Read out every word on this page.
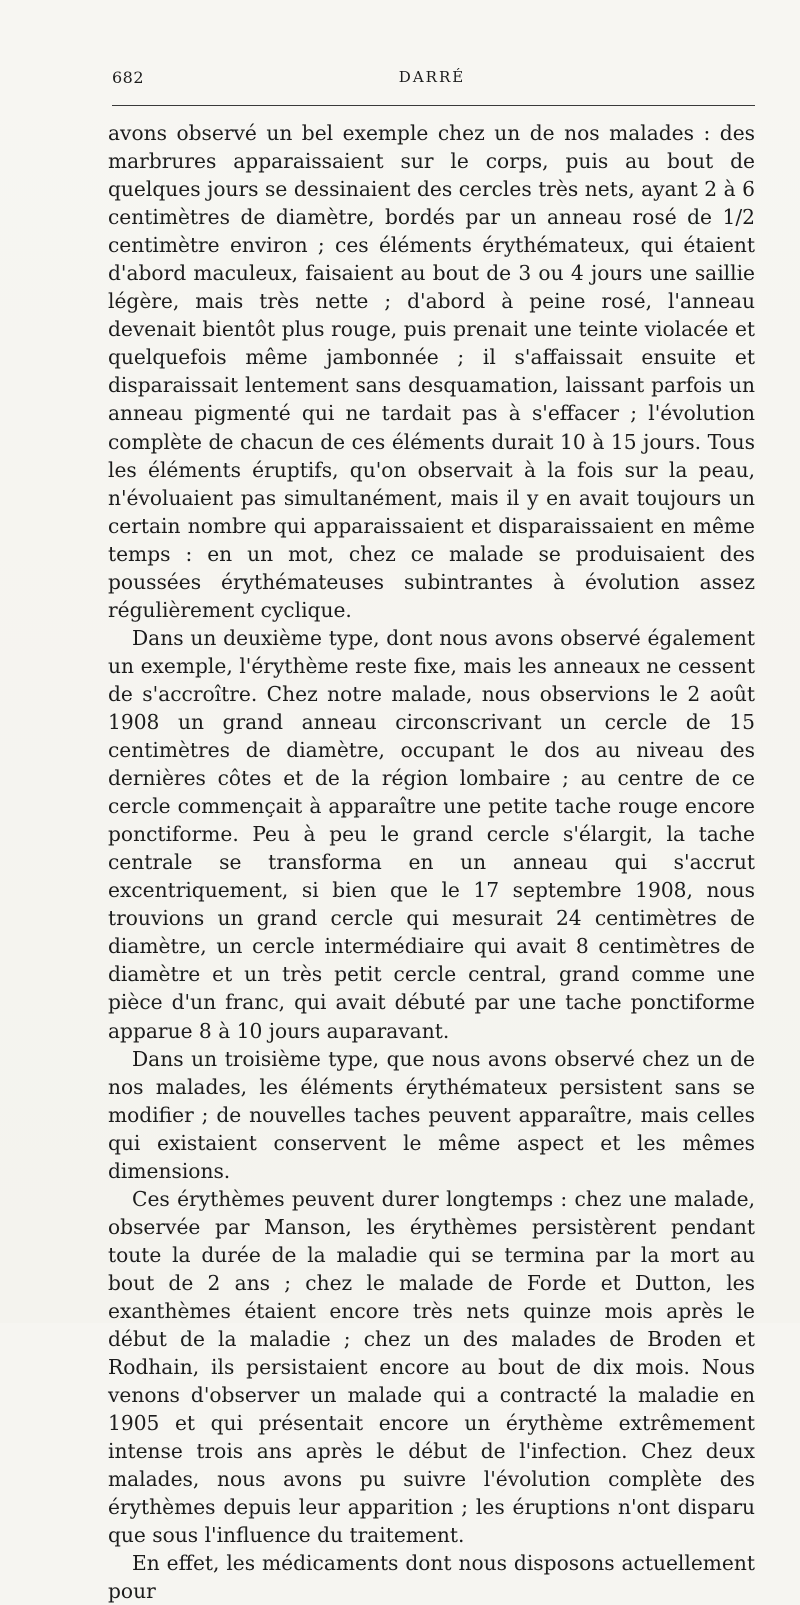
682	DARRÉ

avons observé un bel exemple chez un de nos malades : des marbrures apparaissaient sur le corps, puis au bout de quelques jours se dessinaient des cercles très nets, ayant 2 à 6 centimètres de diamètre, bordés par un anneau rosé de 1/2 centimètre environ ; ces éléments érythémateux, qui étaient d'abord maculeux, faisaient au bout de 3 ou 4 jours une saillie légère, mais très nette ; d'abord à peine rosé, l'anneau devenait bientôt plus rouge, puis prenait une teinte violacée et quelquefois même jambonnée ; il s'affaissait ensuite et disparaissait lentement sans desquamation, laissant parfois un anneau pigmenté qui ne tardait pas à s'effacer ; l'évolution complète de chacun de ces éléments durait 10 à 15 jours. Tous les éléments éruptifs, qu'on observait à la fois sur la peau, n'évoluaient pas simultanément, mais il y en avait toujours un certain nombre qui apparaissaient et disparaissaient en même temps : en un mot, chez ce malade se produisaient des poussées érythémateuses subintrantes à évolution assez régulièrement cyclique.

Dans un deuxième type, dont nous avons observé également un exemple, l'érythème reste fixe, mais les anneaux ne cessent de s'accroître. Chez notre malade, nous observions le 2 août 1908 un grand anneau circonscrivant un cercle de 15 centimètres de diamètre, occupant le dos au niveau des dernières côtes et de la région lombaire ; au centre de ce cercle commençait à apparaître une petite tache rouge encore ponctiforme. Peu à peu le grand cercle s'élargit, la tache centrale se transforma en un anneau qui s'accrut excentriquement, si bien que le 17 septembre 1908, nous trouvions un grand cercle qui mesurait 24 centimètres de diamètre, un cercle intermédiaire qui avait 8 centimètres de diamètre et un très petit cercle central, grand comme une pièce d'un franc, qui avait débuté par une tache ponctiforme apparue 8 à 10 jours auparavant.

Dans un troisième type, que nous avons observé chez un de nos malades, les éléments érythémateux persistent sans se modifier ; de nouvelles taches peuvent apparaître, mais celles qui existaient conservent le même aspect et les mêmes dimensions.

Ces érythèmes peuvent durer longtemps : chez une malade, observée par Manson, les érythèmes persistèrent pendant toute la durée de la maladie qui se termina par la mort au bout de 2 ans ; chez le malade de Forde et Dutton, les exanthèmes étaient encore très nets quinze mois après le début de la maladie ; chez un des malades de Broden et Rodhain, ils persistaient encore au bout de dix mois. Nous venons d'observer un malade qui a contracté la maladie en 1905 et qui présentait encore un érythème extrêmement intense trois ans après le début de l'infection. Chez deux malades, nous avons pu suivre l'évolution complète des érythèmes depuis leur apparition ; les éruptions n'ont disparu que sous l'influence du traitement.

En effet, les médicaments dont nous disposons actuellement pour
